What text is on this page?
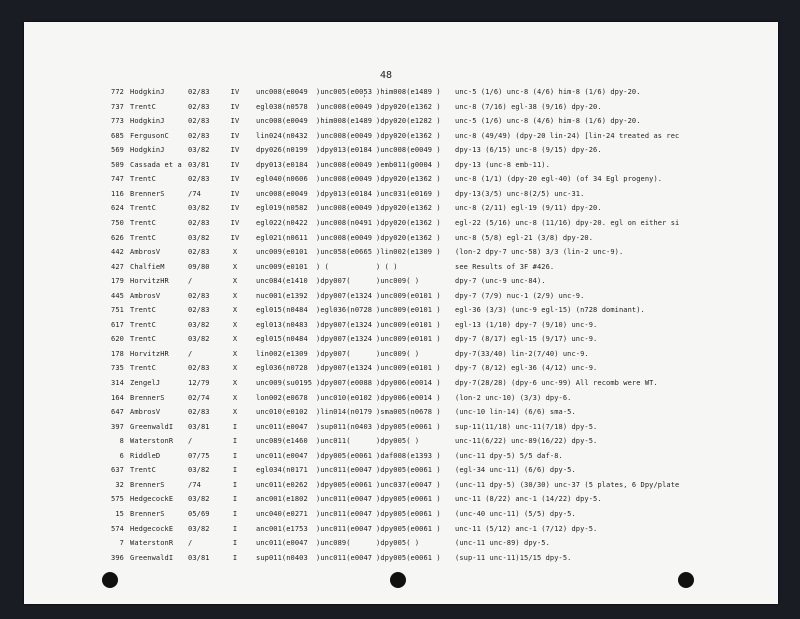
'
48
772 HodgkinJ	02/83	IV	unc008(e0049 )unc005(e0053 )him008(e1489 ) unc-5 (1/6) unc-8 (4/6) him-8 (1/6) dpy-20.
737 TrentC	02/83	IV	egl038(n0578 )unc008(e0049 )dpy020(e1362 ) unc-8 (7/16) egl-38 (9/16) dpy-20.
773 HodgkinJ	02/83	IV	unc008(e0049 )him008(e1489 )dpy020(e1282 ) unc-5 (1/6) unc-8 (4/6) him-8 (1/6) dpy-20.
685 FergusonC	02/83	IV	lin024(n0432 )unc008(e0049 )dpy020(e1362 ) unc-8 (49/49) (dpy-20 lin-24) [lin-24 treated as rec
569 HodgkinJ	03/82	IV	dpy026(n0199 )dpy013(e0184 )unc008(e0049 ) dpy-13 (6/15) unc-8 (9/15) dpy-26.
509 Cassada et a 03/81	IV	dpy013(e0184 )unc008(e0049 )emb011(g0004 ) dpy-13 (unc-8 emb-11).
747 TrentC	02/83	IV	egl040(n0606 )unc008(e0049 )dpy020(e1362 ) unc-8 (1/1) (dpy-20 egl-40) (of 34 Egl progeny).
116 BrennerS	/74	IV	unc008(e0049 )dpy013(e0184 )unc031(e0169 ) dpy-13(3/5) unc-8(2/5) unc-31.
624 TrentC	03/82	IV	egl019(n0582 )unc008(e0049 )dpy020(e1362 ) unc-8 (2/11) egl-19 (9/11) dpy-20.
750 TrentC	02/83	IV	egl022(n0422 )unc008(n0491 )dpy020(e1362 ) egl-22 (5/16) unc-8 (11/16) dpy-20. egl on either si
626 TrentC	03/82	IV	egl021(n0611 )unc008(e0049 )dpy020(e1362 ) unc-8 (5/8) egl-21 (3/8) dpy-20.
442 AmbrosV	02/83	X	unc009(e0101 )unc058(e0665 )lin002(e1309 ) (lon-2 dpy-7 unc-58) 3/3 (lin-2 unc-9).
427 ChalfieM	09/80	X	unc009(e0101 ) (	) ( )	see Results of 3F #426.
179 HorvitzHR	/	X	unc084(e1410 )dpy007(	)unc009( )	dpy-7 (unc-9 unc-84).
445 AmbrosV	02/83	X	nuc001(e1392 )dpy007(e1324 )unc009(e0101 ) dpy-7 (7/9) nuc-1 (2/9) unc-9.
751 TrentC	02/83	X	egl015(n0484 )egl036(n0728 )unc009(e0101 ) egl-36 (3/3) (unc-9 egl-15) (n728 dominant).
617 TrentC	03/82	X	egl013(n0483 )dpy007(e1324 )unc009(e0101 ) egl-13 (1/10) dpy-7 (9/10) unc-9.
620 TrentC	03/82	X	egl015(n0484 )dpy007(e1324 )unc009(e0101 ) dpy-7 (8/17) egl-15 (9/17) unc-9.
178 HorvitzHR	/	X	lin002(e1309 )dpy007(	)unc009( )	dpy-7(33/40) lin-2(7/40) unc-9.
735 TrentC	02/83	X	egl036(n0728 )dpy007(e1324 )unc009(e0101 ) dpy-7 (8/12) egl-36 (4/12) unc-9.
314 ZengelJ	12/79	X	unc009(su0195 )dpy007(e0088 )dpy006(e0014 ) dpy-7(28/28) (dpy-6 unc-99) All recomb were WT.
164 BrennerS	02/74	X	lon002(e0678 )unc010(e0102 )dpy006(e0014 ) (lon-2 unc-10) (3/3) dpy-6.
647 AmbrosV	02/83	X	unc010(e0102 )lin014(n0179 )sma005(n0678 ) (unc-10 lin-14) (6/6) sma-5.
397 GreenwaldI 03/81	I	unc011(e0047 )sup011(n0403 )dpy005(e0061 ) sup-11(11/18) unc-11(7/18) dpy-5.
8 WaterstonR /	I	unc089(e1460 )unc011(	)dpy005( )	unc-11(6/22) unc-89(16/22) dpy-5.
6 RiddleD	07/75	I	unc011(e0047 )dpy005(e0061 )daf008(e1393 ) (unc-11 dpy-5) 5/5 daf-8.
637 TrentC	03/82	I	egl034(n0171 )unc011(e0047 )dpy005(e0061 ) (egl-34 unc-11) (6/6) dpy-5.
32 BrennerS	/74	I	unc011(e0262 )dpy005(e0061 )unc037(e0047 ) (unc-11 dpy-5) (30/30) unc-37 (5 plates, 6 Dpy/plate
575 HedgecockE 03/82	I	anc001(e1802 )unc011(e0047 )dpy005(e0061 ) unc-11 (8/22) anc-1 (14/22) dpy-5.
15 BrennerS	05/69	I	unc040(e0271 )unc011(e0047 )dpy005(e0061 ) (unc-40 unc-11) (5/5) dpy-5.
574 HedgecockE 03/82	I	anc001(e1753 )unc011(e0047 )dpy005(e0061 ) unc-11 (5/12) anc-1 (7/12) dpy-5.
7 WaterstonR /	I	unc011(e0047 )unc089(	)dpy005( )	(unc-11 unc-89) dpy-5.
396 GreenwaldI 03/81	I	sup011(n0403 )unc011(e0047 )dpy005(e0061 ) (sup-11 unc-11)15/15 dpy-5.
